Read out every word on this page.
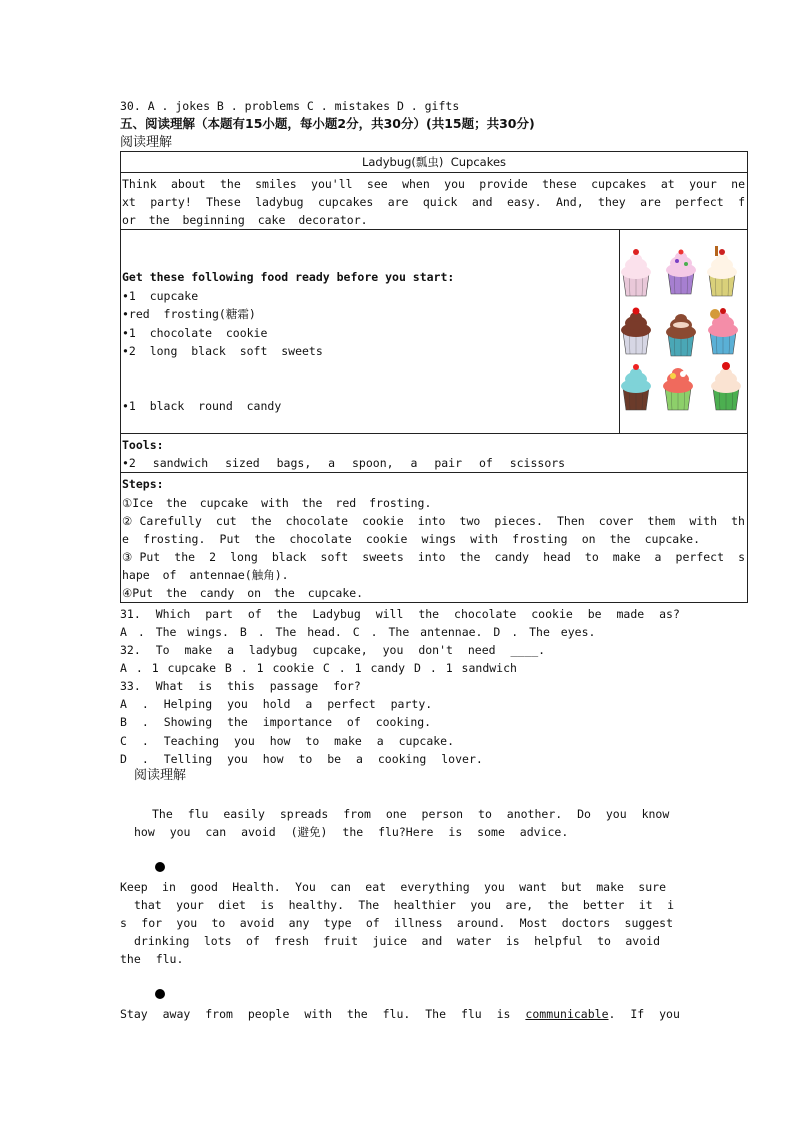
30. A . jokes B . problems C . mistakes D . gifts
五、阅读理解（本题有15小题，每小题2分，共30分）(共15题；共30分)
阅读理解
Ladybug(瓢虫)  Cupcakes
Think about the smiles you'll see when you provide these cupcakes at your ne
xt party! These ladybug cupcakes are quick and easy. And, they are perfect f
or the beginning cake decorator.
Get these following food ready before you start:
•1  cupcake
•red  frosting(糖霜)
•1  chocolate  cookie
•2  long  black  soft  sweets
•1  black  round  candy
Tools:
•2 sandwich sized bags, a spoon, a pair of scissors
Steps:
①Ice the cupcake with the red frosting.
②Carefully cut the chocolate cookie into two pieces. Then cover them with th
e frosting. Put the chocolate cookie wings with frosting on the cupcake.
③Put the 2 long black soft sweets into the candy head to make a perfect s
hape of antennae(触角).
④Put the candy on the cupcake.
31. Which part of the Ladybug will the chocolate cookie be made as?
A . The wings. B . The head. C . The antennae. D . The eyes.
32. To make a ladybug cupcake, you don't need ____.
A . 1 cupcake B . 1 cookie C . 1 candy D . 1 sandwich
33. What is this passage for?
A . Helping you hold a perfect party.
B . Showing the importance of cooking.
C . Teaching you how to make a cupcake.
D . Telling you how to be a cooking lover.
阅读理解
The flu easily spreads from one person to another. Do you know
how you can avoid (避免) the flu?Here is some advice.
Keep in good Health. You can eat everything you want but make sure
that your diet is healthy. The healthier you are, the better it i
s for you to avoid any type of illness around. Most doctors suggest
drinking lots of fresh fruit juice and water is helpful to avoid
the flu.
Stay away from people with the flu. The flu is communicable. If you
